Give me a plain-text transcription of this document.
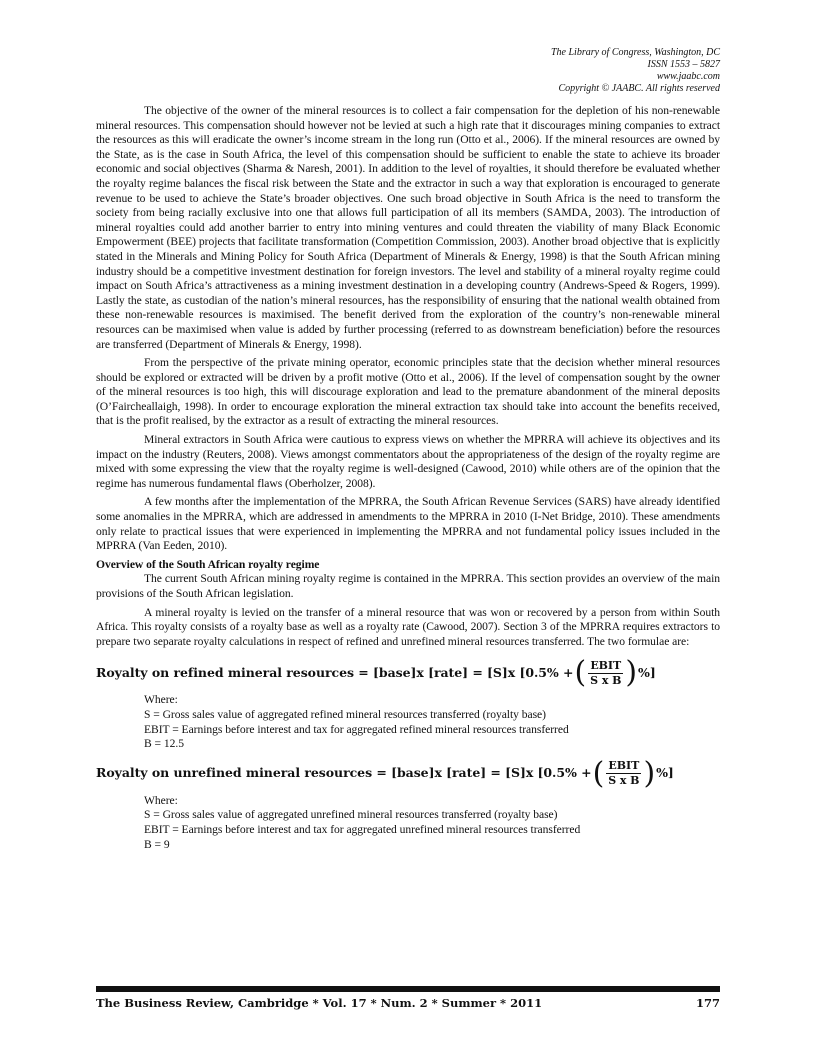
The Library of Congress, Washington, DC
ISSN 1553 – 5827
www.jaabc.com
Copyright © JAABC. All rights reserved

The objective of the owner of the mineral resources is to collect a fair compensation for the depletion of his non-renewable mineral resources. This compensation should however not be levied at such a high rate that it discourages mining companies to extract the resources as this will eradicate the owner’s income stream in the long run (Otto et al., 2006). If the mineral resources are owned by the State, as is the case in South Africa, the level of this compensation should be sufficient to enable the state to achieve its broader economic and social objectives (Sharma & Naresh, 2001). In addition to the level of royalties, it should therefore be evaluated whether the royalty regime balances the fiscal risk between the State and the extractor in such a way that exploration is encouraged to generate revenue to be used to achieve the State’s broader objectives. One such broad objective in South Africa is the need to transform the society from being racially exclusive into one that allows full participation of all its members (SAMDA, 2003). The introduction of mineral royalties could add another barrier to entry into mining ventures and could threaten the viability of many Black Economic Empowerment (BEE) projects that facilitate transformation (Competition Commission, 2003). Another broad objective that is explicitly stated in the Minerals and Mining Policy for South Africa (Department of Minerals & Energy, 1998) is that the South African mining industry should be a competitive investment destination for foreign investors. The level and stability of a mineral royalty regime could impact on South Africa’s attractiveness as a mining investment destination in a developing country (Andrews-Speed & Rogers, 1999). Lastly the state, as custodian of the nation’s mineral resources, has the responsibility of ensuring that the national wealth obtained from these non-renewable resources is maximised. The benefit derived from the exploration of the country’s non-renewable mineral resources can be maximised when value is added by further processing (referred to as downstream beneficiation) before the resources are transferred (Department of Minerals & Energy, 1998).

From the perspective of the private mining operator, economic principles state that the decision whether mineral resources should be explored or extracted will be driven by a profit motive (Otto et al., 2006). If the level of compensation sought by the owner of the mineral resources is too high, this will discourage exploration and lead to the premature abandonment of the mineral deposits (O’Faircheallaigh, 1998). In order to encourage exploration the mineral extraction tax should take into account the benefits received, that is the profit realised, by the extractor as a result of extracting the mineral resources.

Mineral extractors in South Africa were cautious to express views on whether the MPRRA will achieve its objectives and its impact on the industry (Reuters, 2008). Views amongst commentators about the appropriateness of the design of the royalty regime are mixed with some expressing the view that the royalty regime is well-designed (Cawood, 2010) while others are of the opinion that the regime has numerous fundamental flaws (Oberholzer, 2008).

A few months after the implementation of the MPRRA, the South African Revenue Services (SARS) have already identified some anomalies in the MPRRA, which are addressed in amendments to the MPRRA in 2010 (I-Net Bridge, 2010). These amendments only relate to practical issues that were experienced in implementing the MPRRA and not fundamental policy issues included in the MPRRA (Van Eeden, 2010).

Overview of the South African royalty regime

The current South African mining royalty regime is contained in the MPRRA. This section provides an overview of the main provisions of the South African legislation.

A mineral royalty is levied on the transfer of a mineral resource that was won or recovered by a person from within South Africa. This royalty consists of a royalty base as well as a royalty rate (Cawood, 2007). Section 3 of the MPRRA requires extractors to prepare two separate royalty calculations in respect of refined and unrefined mineral resources transferred. The two formulae are:

Royalty on refined mineral resources = [base]x [rate] = [S]x [0.5% + ( $\frac{\text{EBIT}}{\text{S x B}}$ ) %]
Where:
S = Gross sales value of aggregated refined mineral resources transferred (royalty base)
EBIT = Earnings before interest and tax for aggregated refined mineral resources transferred
B = 12.5
Royalty on unrefined mineral resources = [base]x [rate] = [S]x [0.5% + ( $\frac{\text{EBIT}}{\text{S x B}}$ ) %]
Where:
S = Gross sales value of aggregated unrefined mineral resources transferred (royalty base)
EBIT = Earnings before interest and tax for aggregated unrefined mineral resources transferred
B = 9
The Business Review, Cambridge * Vol. 17 * Num. 2 * Summer * 2011	177
